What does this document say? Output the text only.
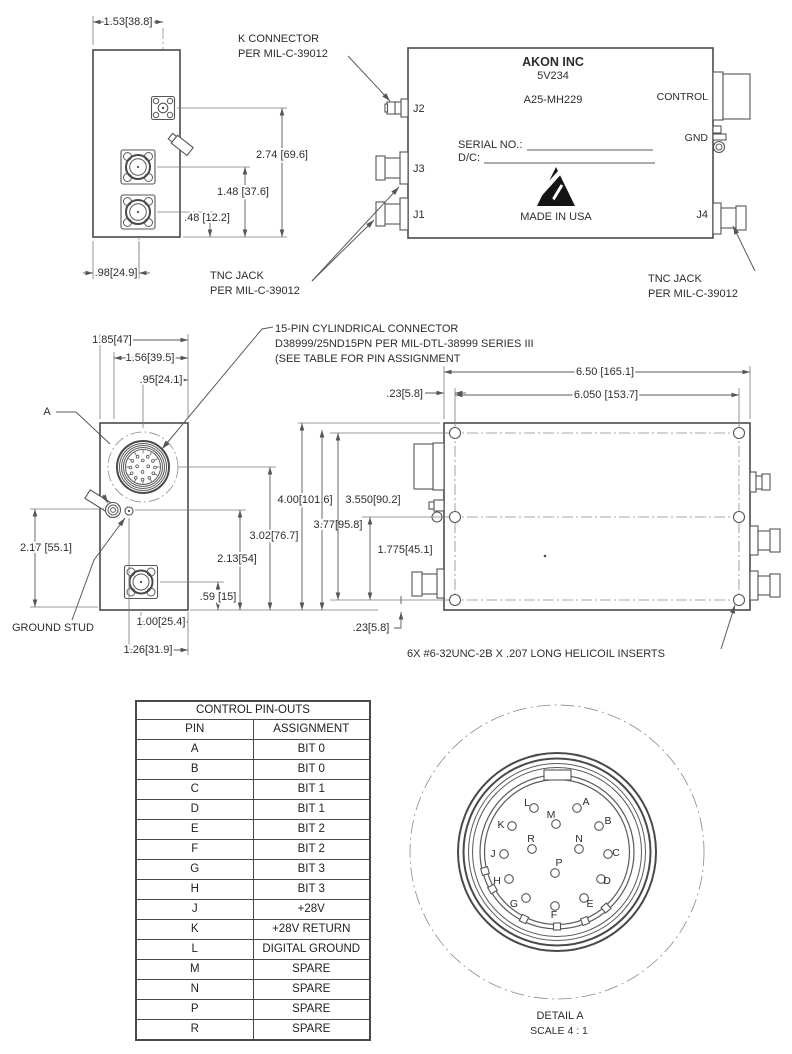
1.53[38.8]
2.74 [69.6]
1.48 [37.6]
.48 [12.2]
.98[24.9]
AKON INC
5V234
A25-MH229	CONTROL
GND
SERIAL NO.:
D/C:
J2
J3
J1	J4
MADE IN USA
K CONNECTOR
PER MIL-C-39012
TNC JACK
PER MIL-C-39012
TNC JACK
PER MIL-C-39012
A
GROUND STUD
15-PIN CYLINDRICAL CONNECTOR
D38999/25ND15PN PER MIL-DTL-38999 SERIES III
(SEE TABLE FOR PIN ASSIGNMENT
1.85[47]
1.56[39.5]
.95[24.1]
2.17 [55.1]
.59 [15]
2.13[54]
3.02[76.7]
1.00[25.4]
1.26[31.9]
6.50 [165.1]
6.050 [153.7]
.23[5.8]
4.00[101.6]
3.77[95.8]
3.550[90.2]
1.775[45.1]
.23[5.8]
6X #6-32UNC-2B X .207 LONG HELICOIL INSERTS
L	A
M
K	B
R	N
J	C
P
H	D
G	E
F
DETAIL A
SCALE 4 : 1
CONTROL PIN-OUTS	
PIN	ASSIGNMENT
A	BIT 0
B	BIT 0
C	BIT 1
D	BIT 1
E	BIT 2
F	BIT 2
G	BIT 3
H	BIT 3
J	+28V
K	+28V RETURN
L	DIGITAL GROUND
M	SPARE
N	SPARE
P	SPARE
R	SPARE
